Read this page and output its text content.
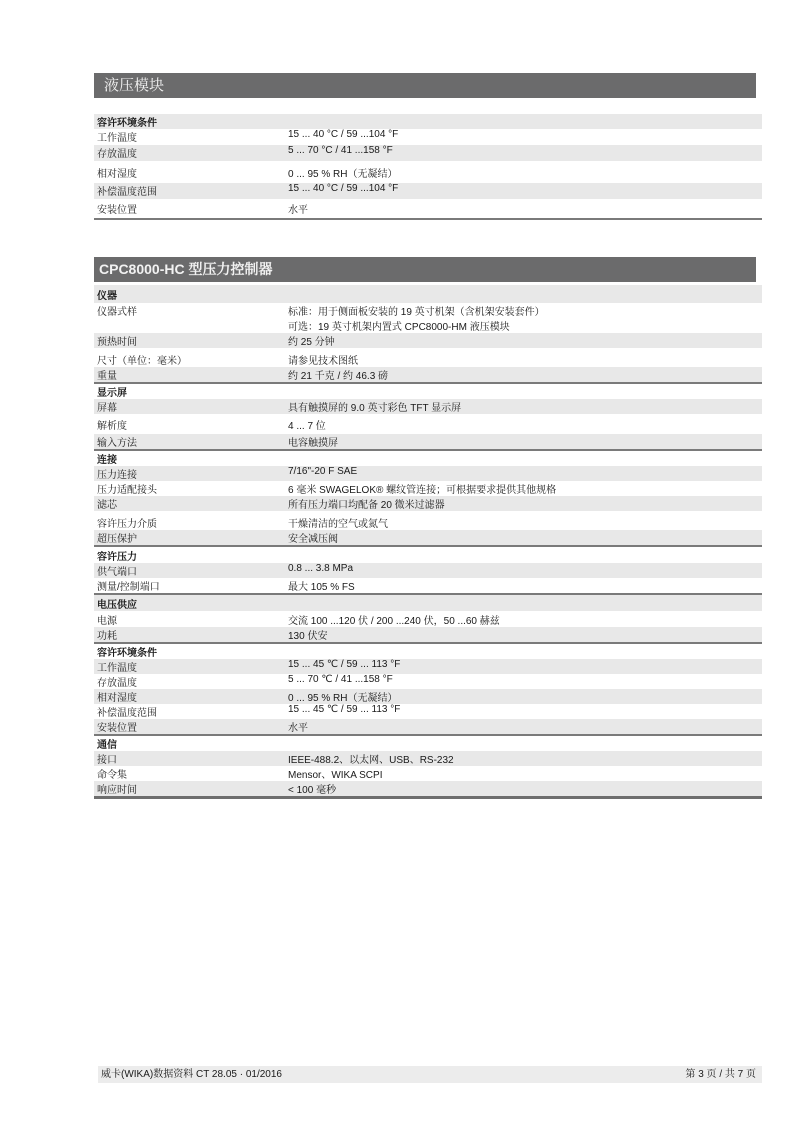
液压模块
容许环境条件	
工作温度	15 ... 40 °C / 59 ...104 °F
存放温度	5 ... 70 °C / 41 ...158 °F
相对湿度	0 ... 95 % RH（无凝结）
补偿温度范围	15 ... 40 °C / 59 ...104 °F
安装位置	水平
CPC8000-HC 型压力控制器
仪器	
仪器式样	标准：用于侧面板安装的 19 英寸机架（含机架安装套件）
可选：19 英寸机架内置式 CPC8000-HM 液压模块

预热时间	约 25 分钟
尺寸（单位：毫米）	请参见技术图纸
重量	约 21 千克 / 约 46.3 磅
显示屏	
屏幕	具有触摸屏的 9.0 英寸彩色 TFT 显示屏
解析度	4 ... 7 位
输入方法	电容触摸屏
连接	
压力连接	7/16"-20 F SAE
压力适配接头	6 毫米 SWAGELOK® 螺纹管连接；可根据要求提供其他规格
滤芯	所有压力端口均配备 20 微米过滤器
容许压力介质	干燥清洁的空气或氮气
超压保护	安全减压阀
容许压力	
供气端口	0.8 ... 3.8 MPa
测量/控制端口	最大 105 % FS
电压供应	
电源	交流 100 ...120 伏 / 200 ...240 伏，50 ...60 赫兹
功耗	130 伏安
容许环境条件	
工作温度	15 ... 45 ℃ / 59 ... 113 °F
存放温度	5 ... 70 ℃ / 41 ...158 °F
相对湿度	0 ... 95 % RH（无凝结）
补偿温度范围	15 ... 45 ℃ / 59 ... 113 °F
安装位置	水平
通信	
接口	IEEE-488.2、以太网、USB、RS-232
命令集	Mensor、WIKA SCPI
响应时间	< 100 毫秒
威卡(WIKA)数据资料 CT 28.05 · 01/2016	第 3 页 / 共 7 页
